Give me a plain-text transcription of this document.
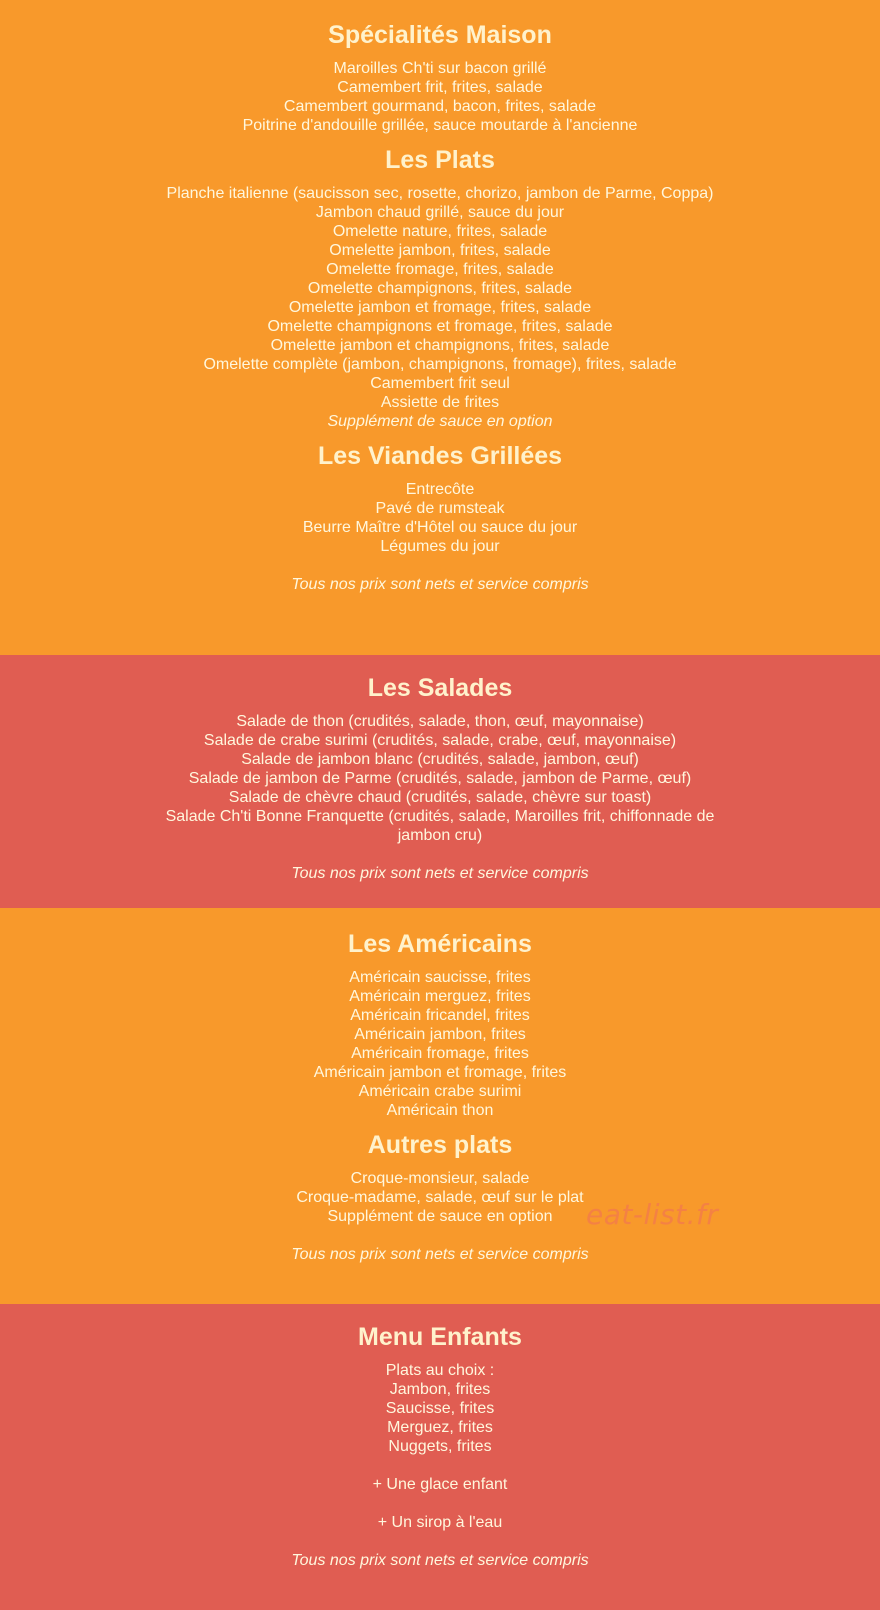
Spécialités Maison
Maroilles Ch'ti sur bacon grillé
Camembert frit, frites, salade
Camembert gourmand, bacon, frites, salade
Poitrine d'andouille grillée, sauce moutarde à l'ancienne
Les Plats
Planche italienne (saucisson sec, rosette, chorizo, jambon de Parme, Coppa)
Jambon chaud grillé, sauce du jour
Omelette nature, frites, salade
Omelette jambon, frites, salade
Omelette fromage, frites, salade
Omelette champignons, frites, salade
Omelette jambon et fromage, frites, salade
Omelette champignons et fromage, frites, salade
Omelette jambon et champignons, frites, salade
Omelette complète (jambon, champignons, fromage), frites, salade
Camembert frit seul
Assiette de frites
Supplément de sauce en option
Les Viandes Grillées
Entrecôte
Pavé de rumsteak
Beurre Maître d'Hôtel ou sauce du jour
Légumes du jour
Tous nos prix sont nets et service compris
Les Salades
Salade de thon (crudités, salade, thon, œuf, mayonnaise)
Salade de crabe surimi (crudités, salade, crabe, œuf, mayonnaise)
Salade de jambon blanc (crudités, salade, jambon, œuf)
Salade de jambon de Parme (crudités, salade, jambon de Parme, œuf)
Salade de chèvre chaud (crudités, salade, chèvre sur toast)
Salade Ch'ti Bonne Franquette (crudités, salade, Maroilles frit, chiffonnade de jambon cru)
Tous nos prix sont nets et service compris
Les Américains
Américain saucisse, frites
Américain merguez, frites
Américain fricandel, frites
Américain jambon, frites
Américain fromage, frites
Américain jambon et fromage, frites
Américain crabe surimi
Américain thon
Autres plats
Croque-monsieur, salade
Croque-madame, salade, œuf sur le plat
Supplément de sauce en option
Tous nos prix sont nets et service compris
eat-list.fr
Menu Enfants
Plats au choix :
Jambon, frites
Saucisse, frites
Merguez, frites
Nuggets, frites
+ Une glace enfant
+ Un sirop à l'eau
Tous nos prix sont nets et service compris
